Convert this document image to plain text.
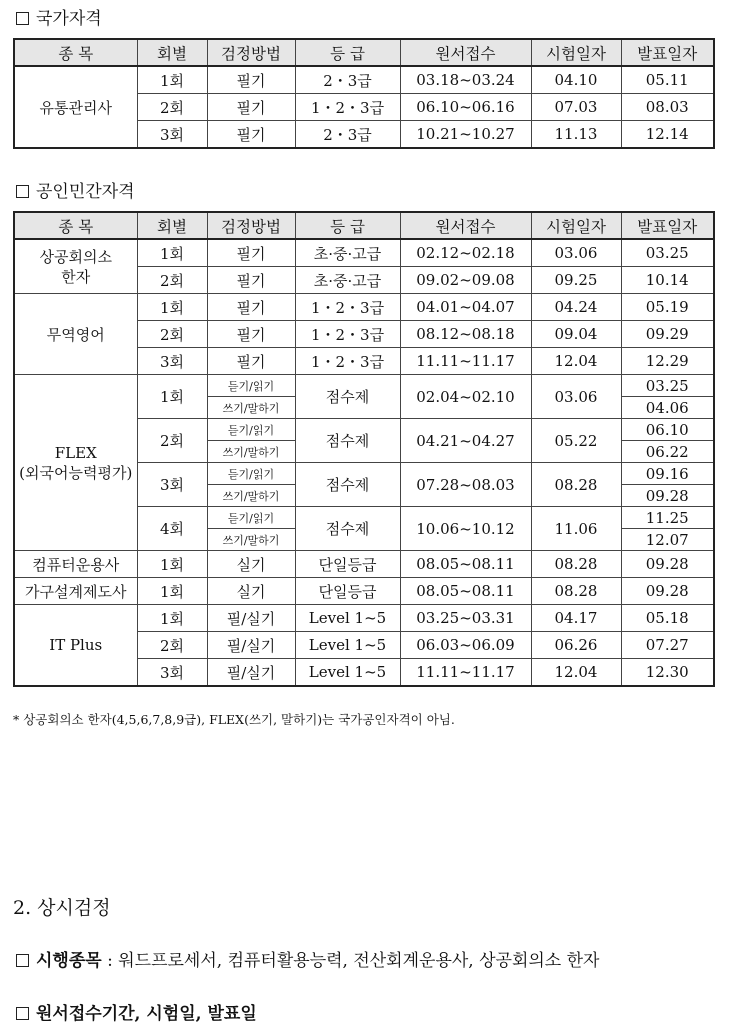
국가자격
종 목	회별	검정방법	등 급	원서접수	시험일자	발표일자
유통관리사	1회	필기	2・3급	03.18~03.24	04.10	05.11
	2회	필기	1・2・3급	06.10~06.16	07.03	08.03
	3회	필기	2・3급	10.21~10.27	11.13	12.14
공인민간자격
종 목	회별	검정방법	등 급	원서접수	시험일자	발표일자
상공회의소
한자	1회	필기	초·중·고급	02.12~02.18	03.06	03.25
	2회	필기	초·중·고급	09.02~09.08	09.25	10.14
무역영어	1회	필기	1・2・3급	04.01~04.07	04.24	05.19
	2회	필기	1・2・3급	08.12~08.18	09.04	09.29
	3회	필기	1・2・3급	11.11~11.17	12.04	12.29
FLEX
(외국어능력평가)	1회	듣기/읽기	점수제	02.04~02.10	03.06	03.25
		쓰기/말하기				04.06
	2회	듣기/읽기	점수제	04.21~04.27	05.22	06.10
		쓰기/말하기				06.22
	3회	듣기/읽기	점수제	07.28~08.03	08.28	09.16
		쓰기/말하기				09.28
	4회	듣기/읽기	점수제	10.06~10.12	11.06	11.25
		쓰기/말하기				12.07
컴퓨터운용사	1회	실기	단일등급	08.05~08.11	08.28	09.28
가구설계제도사	1회	실기	단일등급	08.05~08.11	08.28	09.28
IT Plus	1회	필/실기	Level 1~5	03.25~03.31	04.17	05.18
	2회	필/실기	Level 1~5	06.03~06.09	06.26	07.27
	3회	필/실기	Level 1~5	11.11~11.17	12.04	12.30
* 상공회의소 한자(4,5,6,7,8,9급), FLEX(쓰기, 말하기)는 국가공인자격이 아님.
2. 상시검정
시행종목 : 워드프로세서, 컴퓨터활용능력, 전산회계운용사, 상공회의소 한자
원서접수기간, 시험일, 발표일
